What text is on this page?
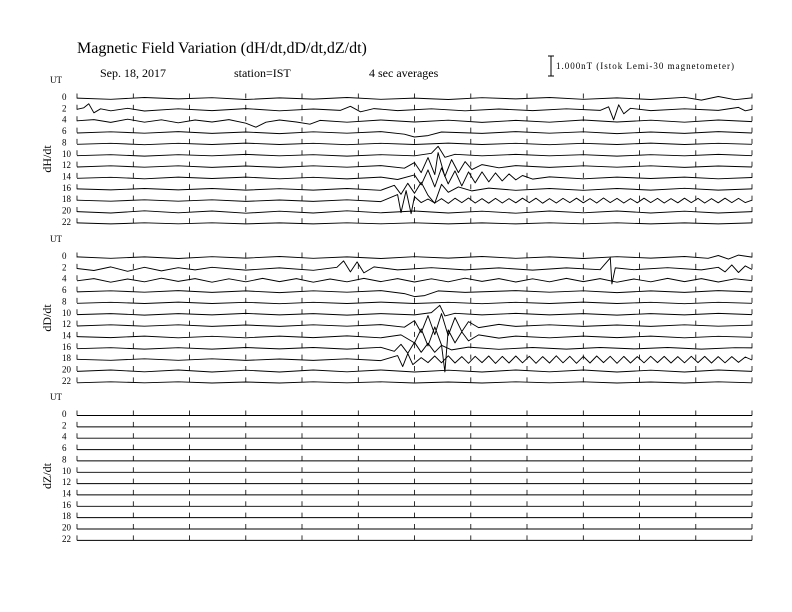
Magnetic Field Variation (dH/dt,dD/dt,dZ/dt)
Sep. 18, 2017	station=IST	4 sec averages	1.000nT (Istok Lemi-30 magnetometer)
UT
UT
UT
dH/dt
dD/dt
dZ/dt
0
2
4
6
8
10
12
14
16
18
20
22
0
2
4
6
8
10
12
14
16
18
20
22
0
2
4
6
8
10
12
14
16
18
20
22
